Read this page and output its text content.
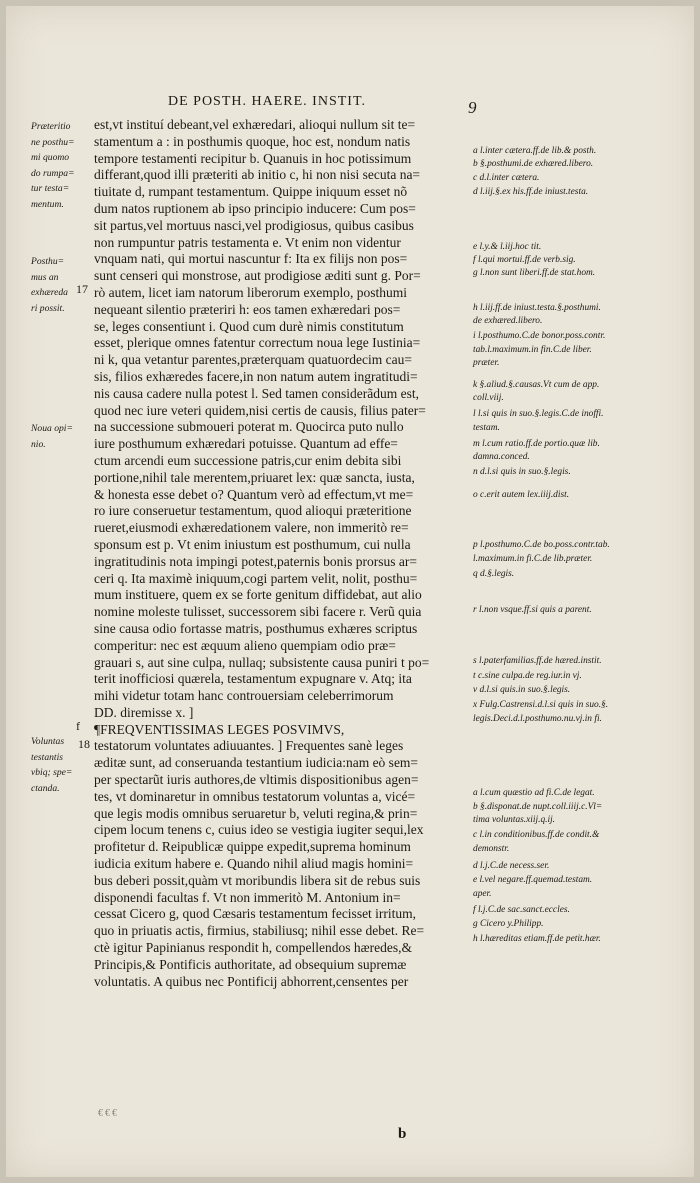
DE POSTH. HAERE. INSTIT.	9
est,vt instituí debeant,vel exhæredari, alioqui nullum sit te=
stamentum a : in posthumis quoque, hoc est, nondum natis
tempore testamenti recipitur b. Quanuis in hoc potissimum
differant,quod illi præteriti ab initio c, hi non nisi secuta na=
tiuitate d, rumpant testamentum. Quippe iniquum esset nõ
dum natos ruptionem ab ipso principio inducere: Cum pos=
sit partus,vel mortuus nasci,vel prodigiosus, quibus casibus
non rumpuntur patris testamenta e. Vt enim non videntur
vnquam nati, qui mortui nascuntur f: Ita ex filijs non pos=
sunt censeri qui monstrose, aut prodigiose æditi sunt g. Por=
rò autem, licet iam natorum liberorum exemplo, posthumi
nequeant silentio præteriri h: eos tamen exhæredari pos=
se, leges consentiunt i. Quod cum durè nimis constitutum
esset, plerique omnes fatentur correctum noua lege Iustinia=
ni k, qua vetantur parentes,præterquam quatuordecim cau=
sis, filios exhæredes facere,in non natum autem ingratitudi=
nis causa cadere nulla potest l. Sed tamen considerãdum est,
quod nec iure veteri quidem,nisi certis de causis, filius pater=
na successione submoueri poterat m. Quocirca puto nullo
iure posthumum exhæredari potuisse. Quantum ad effe=
ctum arcendi eum successione patris,cur enim debita sibi
portione,nihil tale merentem,priuaret lex: quæ sancta, iusta,
& honesta esse debet o? Quantum verò ad effectum,vt me=
ro iure conseruetur testamentum, quod alioqui præteritione
rueret,eiusmodi exhæredationem valere, non immeritò re=
sponsum est p. Vt enim iniustum est posthumum, cui nulla
ingratitudinis nota impingi potest,paternis bonis prorsus ar=
ceri q. Ita maximè iniquum,cogi partem velit, nolit, posthu=
mum instituere, quem ex se forte genitum diffidebat, aut alio
nomine moleste tulisset, successorem sibi facere r. Verũ quia
sine causa odio fortasse matris, posthumus exhæres scriptus
comperitur: nec est æquum alieno quempiam odio præ=
grauari s, aut sine culpa, nullaq; subsistente causa puniri t po=
terit inofficiosi quærela, testamentum expugnare v. Atq; ita
mihi videtur totam hanc controuersiam celeberrimorum
DD. diremisse x. ]
¶FREQVENTISSIMAS LEGES POSVIMVS,
testatorum voluntates adiuuantes. ] Frequentes sanè leges
æditæ sunt, ad conseruanda testantium iudicia:nam eò sem=
per spectarũt iuris authores,de vltimis dispositionibus agen=
tes, vt dominaretur in omnibus testatorum voluntas a, vicé=
que legis modis omnibus seruaretur b, veluti regina,& prin=
cipem locum tenens c, cuius ideo se vestigia iugiter sequi,lex
profitetur d. Reipublicæ quippe expedit,suprema hominum
iudicia exitum habere e. Quando nihil aliud magis homini=
bus deberi possit,quàm vt moribundis libera sit de rebus suis
disponendi facultas f. Vt non immeritò M. Antonium in=
cessat Cicero g, quod Cæsaris testamentum fecisset irritum,
quo in priuatis actis, firmius, stabiliusq; nihil esse debet. Re=
ctè igitur Papinianus respondit h, compellendos hæredes,&
Principis,& Pontificis authoritate, ad obsequium supremæ
voluntatis. A quibus nec Pontificij abhorrent,censentes per
Præteritio
ne posthu=
mi quomo
do rumpa=
tur testa=
mentum.
Posthu=
mus an
exhæreda
ri possit.
Noua opi=
nio.
Voluntas
testantis
vbiq; spe=
ctanda.
17
f
18
a l.inter cætera.ff.de lib.& posth.
b §.posthumi.de exhæred.libero.
c d.l.inter cætera.
d l.iij.§.ex his.ff.de iniust.testa.
e l.y.& l.iij.hoc tit.
f l.qui mortui.ff.de verb.sig.
g l.non sunt liberi.ff.de stat.hom.
h l.iij.ff.de iniust.testa.§.posthumi.
de exhæred.libero.
i l.posthumo.C.de bonor.poss.contr.
tab.l.maximum.in fin.C.de liber.
præter.
k §.aliud.§.causas.Vt cum de app.
coll.viij.
l l.si quis in suo.§.legis.C.de inoffi.
testam.
m l.cum ratio.ff.de portio.quæ lib.
damna.conced.
n d.l.si quis in suo.§.legis.
o c.erit autem lex.iiij.dist.
p l.posthumo.C.de bo.poss.contr.tab.
l.maximum.in fi.C.de lib.præter.
q d.§.legis.
r l.non vsque.ff.si quis a parent.
s l.paterfamilias.ff.de hæred.instit.
t c.sine culpa.de reg.iur.in vj.
v d.l.si quis.in suo.§.legis.
x Fulg.Castrensi.d.l.si quis in suo.§.
legis.Deci.d.l.posthumo.nu.vj.in fi.
a l.cum quæstio ad fi.C.de legat.
b §.disponat.de nupt.coll.iiij.c.Vl=
tima voluntas.xiij.q.ij.
c l.in conditionibus.ff.de condit.&
demonstr.
d l.j.C.de necess.ser.
e l.vel negare.ff.quemad.testam.
aper.
f l.j.C.de sac.sanct.eccles.
g Cicero y.Philipp.
h l.hæreditas etiam.ff.de petit.hær.
€€€
b
